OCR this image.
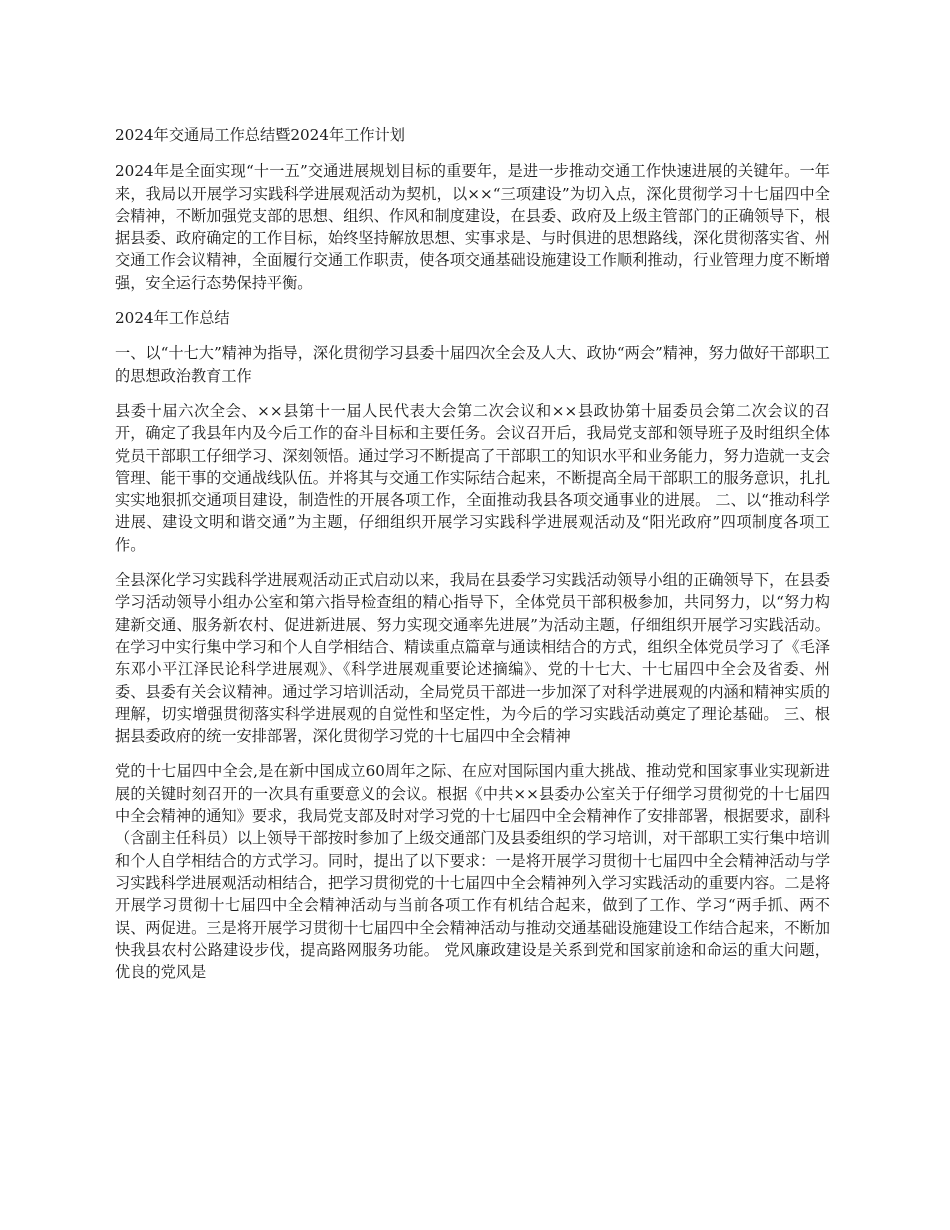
2024年交通局工作总结暨2024年工作计划

2024年是全面实现“十一五”交通进展规划目标的重要年，是进一步推动交通工作快速进展的关键年。一年来，我局以开展学习实践科学进展观活动为契机，以××“三项建设”为切入点，深化贯彻学习十七届四中全会精神，不断加强党支部的思想、组织、作风和制度建设，在县委、政府及上级主管部门的正确领导下，根据县委、政府确定的工作目标，始终坚持解放思想、实事求是、与时俱进的思想路线，深化贯彻落实省、州交通工作会议精神，全面履行交通工作职责，使各项交通基础设施建设工作顺利推动，行业管理力度不断增强，安全运行态势保持平衡。

2024年工作总结

一、以“十七大”精神为指导，深化贯彻学习县委十届四次全会及人大、政协“两会”精神，努力做好干部职工的思想政治教育工作

县委十届六次全会、××县第十一届人民代表大会第二次会议和××县政协第十届委员会第二次会议的召开，确定了我县年内及今后工作的奋斗目标和主要任务。会议召开后，我局党支部和领导班子及时组织全体党员干部职工仔细学习、深刻领悟。通过学习不断提高了干部职工的知识水平和业务能力，努力造就一支会管理、能干事的交通战线队伍。并将其与交通工作实际结合起来，不断提高全局干部职工的服务意识，扎扎实实地狠抓交通项目建设，制造性的开展各项工作，全面推动我县各项交通事业的进展。 二、以“推动科学进展、建设文明和谐交通”为主题，仔细组织开展学习实践科学进展观活动及“阳光政府”四项制度各项工作。

全县深化学习实践科学进展观活动正式启动以来，我局在县委学习实践活动领导小组的正确领导下，在县委学习活动领导小组办公室和第六指导检查组的精心指导下，全体党员干部积极参加，共同努力，以“努力构建新交通、服务新农村、促进新进展、努力实现交通率先进展”为活动主题，仔细组织开展学习实践活动。在学习中实行集中学习和个人自学相结合、精读重点篇章与通读相结合的方式，组织全体党员学习了《毛泽东邓小平江泽民论科学进展观》、《科学进展观重要论述摘编》、党的十七大、十七届四中全会及省委、州委、县委有关会议精神。通过学习培训活动，全局党员干部进一步加深了对科学进展观的内涵和精神实质的理解，切实增强贯彻落实科学进展观的自觉性和坚定性，为今后的学习实践活动奠定了理论基础。 三、根据县委政府的统一安排部署，深化贯彻学习党的十七届四中全会精神

党的十七届四中全会,是在新中国成立60周年之际、在应对国际国内重大挑战、推动党和国家事业实现新进展的关键时刻召开的一次具有重要意义的会议。根据《中共××县委办公室关于仔细学习贯彻党的十七届四中全会精神的通知》要求，我局党支部及时对学习党的十七届四中全会精神作了安排部署，根据要求，副科（含副主任科员）以上领导干部按时参加了上级交通部门及县委组织的学习培训，对干部职工实行集中培训和个人自学相结合的方式学习。同时，提出了以下要求：一是将开展学习贯彻十七届四中全会精神活动与学习实践科学进展观活动相结合，把学习贯彻党的十七届四中全会精神列入学习实践活动的重要内容。二是将开展学习贯彻十七届四中全会精神活动与当前各项工作有机结合起来，做到了工作、学习“两手抓、两不误、两促进。三是将开展学习贯彻十七届四中全会精神活动与推动交通基础设施建设工作结合起来，不断加快我县农村公路建设步伐，提高路网服务功能。 党风廉政建设是关系到党和国家前途和命运的重大问题，优良的党风是
